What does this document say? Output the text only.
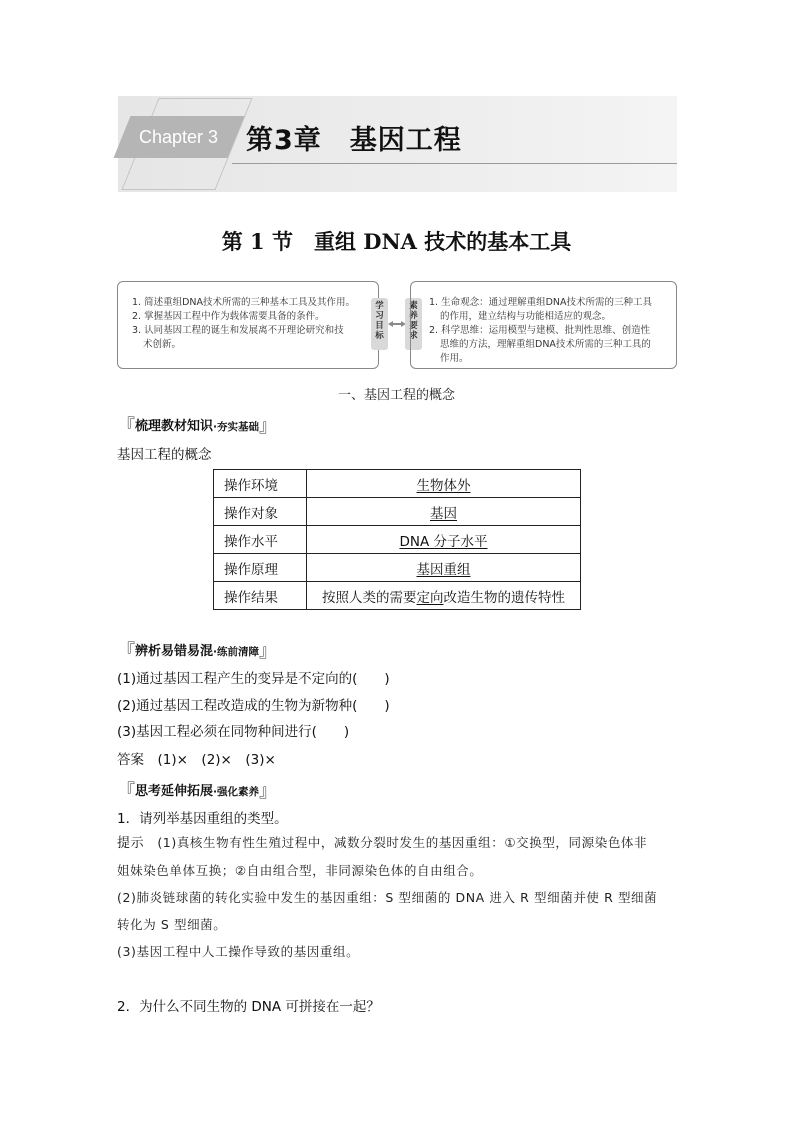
Chapter 3	第3章　基因工程
第 1 节　重组 DNA 技术的基本工具

1. 简述重组DNA技术所需的三种基本工具及其作用。

2. 掌握基因工程中作为载体需要具备的条件。

3. 认同基因工程的诞生和发展离不开理论研究和技

术创新。

学
习
目
标
素
养
要
求

1. 生命观念：通过理解重组DNA技术所需的三种工具

的作用，建立结构与功能相适应的观念。

2. 科学思维：运用模型与建模、批判性思维、创造性

思维的方法，理解重组DNA技术所需的三种工具的

作用。

一、基因工程的概念
『梳理教材知识·夯实基础』
基因工程的概念
操作环境	生物体外
操作对象	基因
操作水平	DNA 分子水平
操作原理	基因重组
操作结果	按照人类的需要定向改造生物的遗传特性
『辨析易错易混·练前清障』
(1)通过基因工程产生的变异是不定向的(　　)
(2)通过基因工程改造成的生物为新物种(　　)
(3)基因工程必须在同物种间进行(　　)
答案　(1)×　(2)×　(3)×
『思考延伸拓展·强化素养』
1．请列举基因重组的类型。

提示　 (1)真核生物有性生殖过程中，减数分裂时发生的基因重组：①交换型，同源染色体非

姐妹染色单体互换；②自由组合型，非同源染色体的自由组合。

(2)肺炎链球菌的转化实验中发生的基因重组：S 型细菌的 DNA 进入 R 型细菌并使 R 型细菌

转化为 S 型细菌。

(3)基因工程中人工操作导致的基因重组。

2．为什么不同生物的 DNA 可拼接在一起？
